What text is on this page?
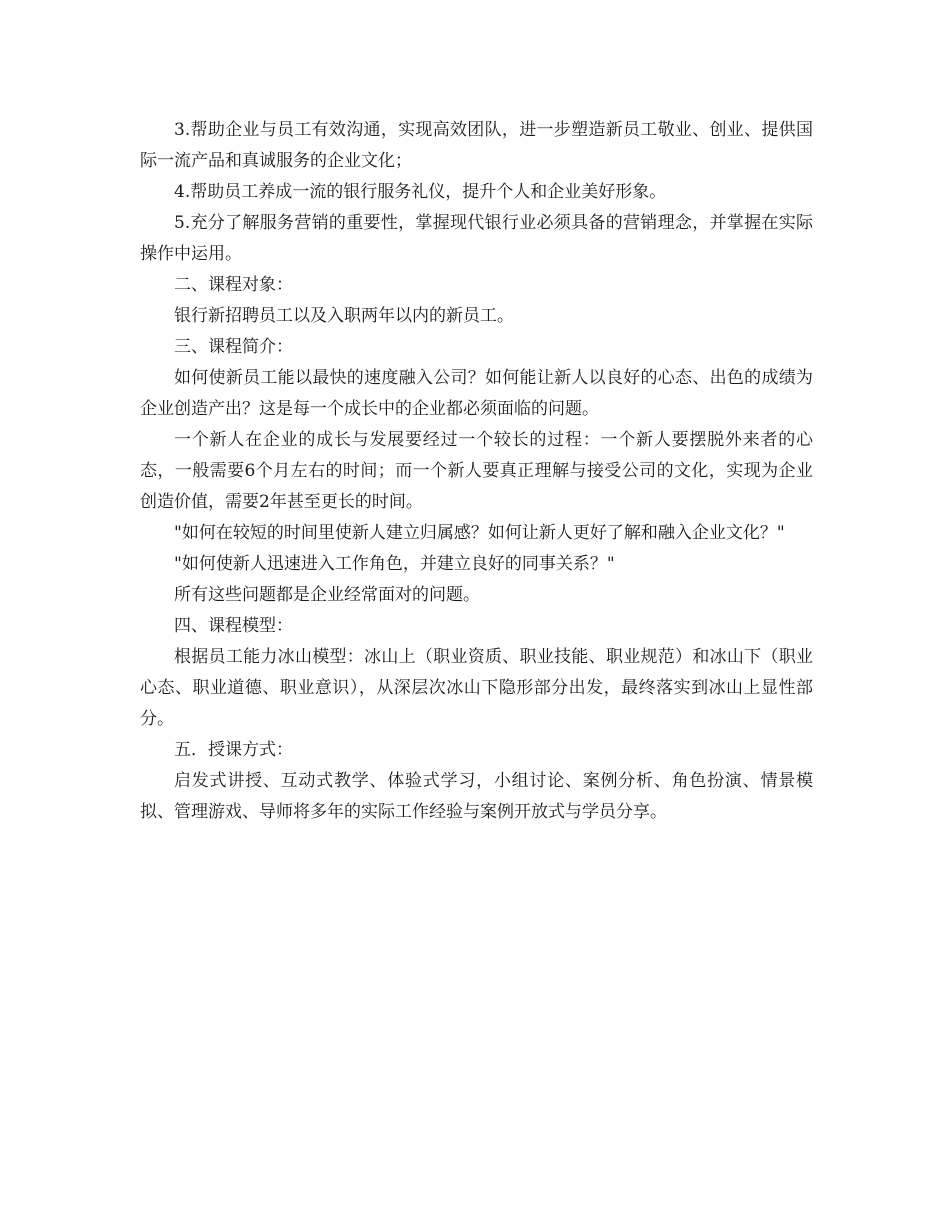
3.帮助企业与员工有效沟通，实现高效团队，进一步塑造新员工敬业、创业、提供国际一流产品和真诚服务的企业文化；

4.帮助员工养成一流的银行服务礼仪，提升个人和企业美好形象。

5.充分了解服务营销的重要性，掌握现代银行业必须具备的营销理念，并掌握在实际操作中运用。

二、课程对象：

银行新招聘员工以及入职两年以内的新员工。

三、课程简介：

如何使新员工能以最快的速度融入公司？如何能让新人以良好的心态、出色的成绩为企业创造产出？这是每一个成长中的企业都必须面临的问题。

一个新人在企业的成长与发展要经过一个较长的过程：一个新人要摆脱外来者的心态，一般需要6个月左右的时间；而一个新人要真正理解与接受公司的文化，实现为企业创造价值，需要2年甚至更长的时间。

"如何在较短的时间里使新人建立归属感？如何让新人更好了解和融入企业文化？"

"如何使新人迅速进入工作角色，并建立良好的同事关系？"

所有这些问题都是企业经常面对的问题。

四、课程模型：

根据员工能力冰山模型：冰山上（职业资质、职业技能、职业规范）和冰山下（职业心态、职业道德、职业意识），从深层次冰山下隐形部分出发，最终落实到冰山上显性部分。

五．授课方式：

启发式讲授、互动式教学、体验式学习，小组讨论、案例分析、角色扮演、情景模拟、管理游戏、导师将多年的实际工作经验与案例开放式与学员分享。
